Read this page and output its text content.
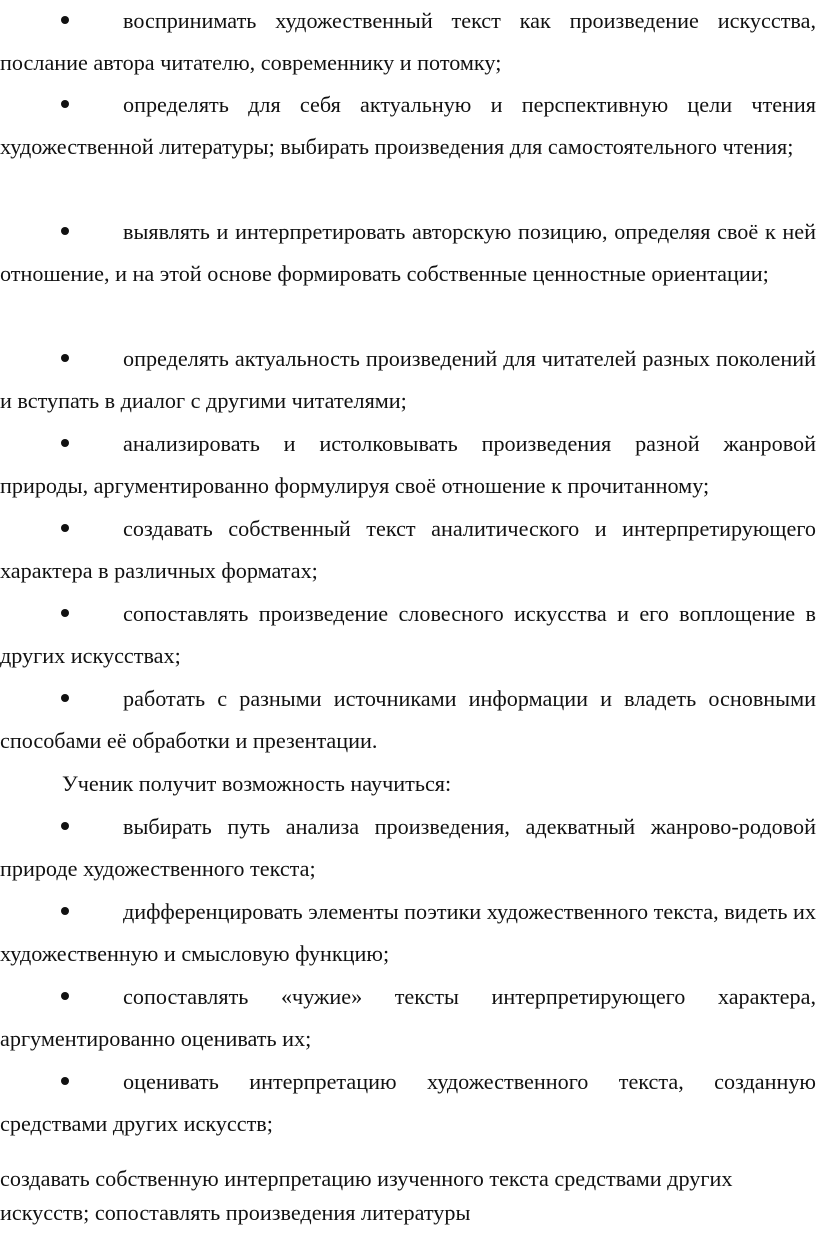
воспринимать художественный текст как произведение искусства, послание автора читателю, современнику и потомку;

определять для себя актуальную и перспективную цели чтения художественной литературы; выбирать произведения для самостоятельного чтения;

выявлять и интерпретировать авторскую позицию, определяя своё к ней отношение, и на этой основе формировать собственные ценностные ориентации;

определять актуальность произведений для читателей разных поколений и вступать в диалог с другими читателями;

анализировать и истолковывать произведения разной жанровой природы, аргументированно формулируя своё отношение к прочитанному;

создавать собственный текст аналитического и интерпретирующего характера в различных форматах;

сопоставлять произведение словесного искусства и его воплощение в других искусствах;

работать с разными источниками информации и владеть основными способами её обработки и презентации.

Ученик получит возможность научиться:

выбирать путь анализа произведения, адекватный жанрово-родовой природе художественного текста;

дифференцировать элементы поэтики художественного текста, видеть их художественную и смысловую функцию;

сопоставлять «чужие» тексты интерпретирующего характера, аргументированно оценивать их;

оценивать интерпретацию художественного текста, созданную средствами других искусств;

создавать собственную интерпретацию изученного текста средствами других искусств; сопоставлять произведения литературы
